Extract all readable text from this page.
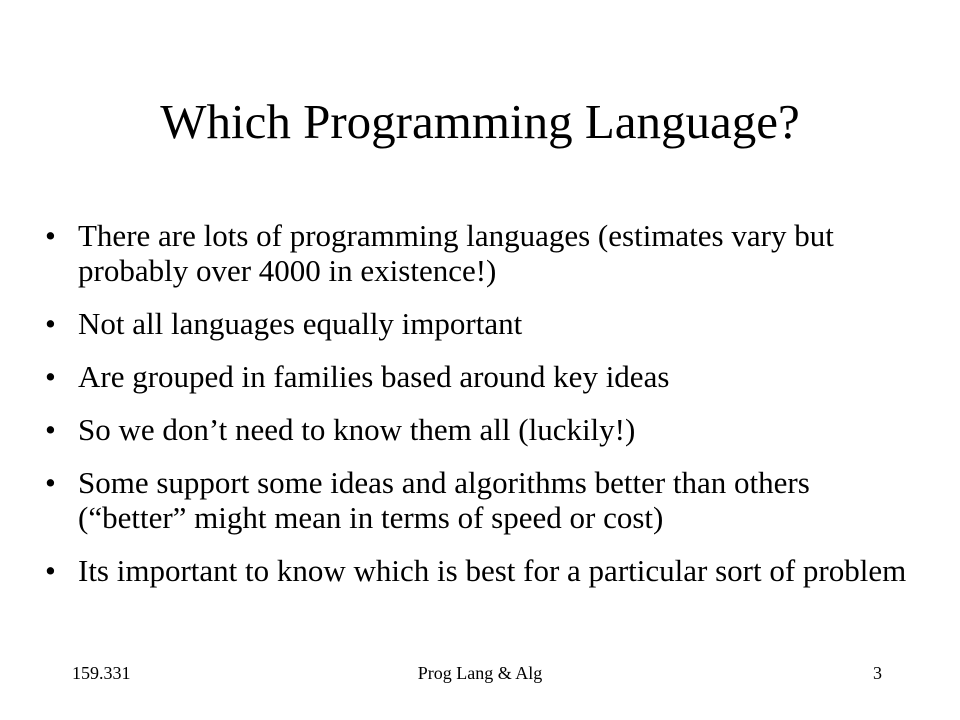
Which Programming Language?
• There are lots of programming languages (estimates vary but probably over 4000 in existence!)
• Not all languages equally important
• Are grouped in families based around key ideas
• So we don’t need to know them all (luckily!)
• Some support some ideas and algorithms better than others (“better” might mean in terms of speed or cost)
• Its important to know which is best for a particular sort of problem
159.331	Prog Lang & Alg	3
